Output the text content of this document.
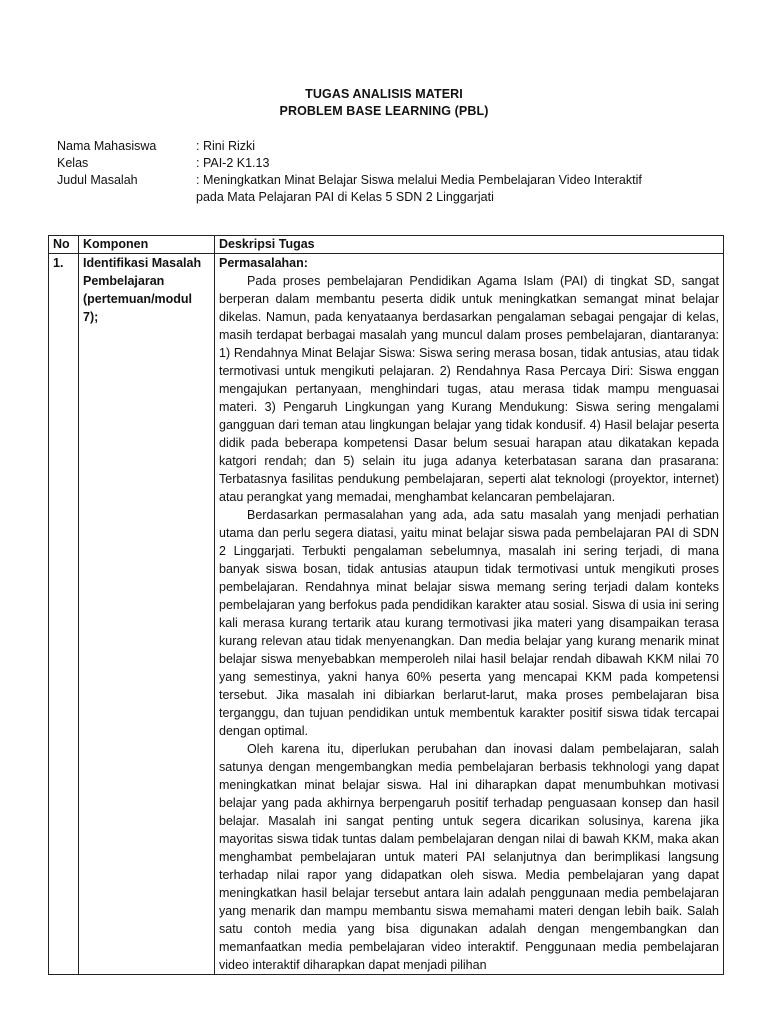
TUGAS ANALISIS MATERI
PROBLEM BASE LEARNING (PBL)
Nama Mahasiswa	: Rini Rizki
Kelas	: PAI-2 K1.13
Judul Masalah	: Meningkatkan Minat Belajar Siswa melalui Media Pembelajaran Video Interaktif
pada Mata Pelajaran PAI di Kelas 5 SDN 2 Linggarjati
No	Komponen	Deskripsi Tugas
1.	Identifikasi Masalah Pembelajaran (pertemuan/modul 7);	Permasalahan:

Pada proses pembelajaran Pendidikan Agama Islam (PAI) di tingkat SD, sangat berperan dalam membantu peserta didik untuk meningkatkan semangat minat belajar dikelas. Namun, pada kenyataanya berdasarkan pengalaman sebagai pengajar di kelas, masih terdapat berbagai masalah yang muncul dalam proses pembelajaran, diantaranya: 1) Rendahnya Minat Belajar Siswa: Siswa sering merasa bosan, tidak antusias, atau tidak termotivasi untuk mengikuti pelajaran. 2) Rendahnya Rasa Percaya Diri: Siswa enggan mengajukan pertanyaan, menghindari tugas, atau merasa tidak mampu menguasai materi. 3) Pengaruh Lingkungan yang Kurang Mendukung: Siswa sering mengalami gangguan dari teman atau lingkungan belajar yang tidak kondusif. 4) Hasil belajar peserta didik pada beberapa kompetensi Dasar belum sesuai harapan atau dikatakan kepada katgori rendah; dan 5) selain itu juga adanya keterbatasan sarana dan prasarana: Terbatasnya fasilitas pendukung pembelajaran, seperti alat teknologi (proyektor, internet) atau perangkat yang memadai, menghambat kelancaran pembelajaran.

Berdasarkan permasalahan yang ada, ada satu masalah yang menjadi perhatian utama dan perlu segera diatasi, yaitu minat belajar siswa pada pembelajaran PAI di SDN 2 Linggarjati. Terbukti pengalaman sebelumnya, masalah ini sering terjadi, di mana banyak siswa bosan, tidak antusias ataupun tidak termotivasi untuk mengikuti proses pembelajaran. Rendahnya minat belajar siswa memang sering terjadi dalam konteks pembelajaran yang berfokus pada pendidikan karakter atau sosial. Siswa di usia ini sering kali merasa kurang tertarik atau kurang termotivasi jika materi yang disampaikan terasa kurang relevan atau tidak menyenangkan. Dan media belajar yang kurang menarik minat belajar siswa menyebabkan memperoleh nilai hasil belajar rendah dibawah KKM nilai 70 yang semestinya, yakni hanya 60% peserta yang mencapai KKM pada kompetensi tersebut. Jika masalah ini dibiarkan berlarut-larut, maka proses pembelajaran bisa terganggu, dan tujuan pendidikan untuk membentuk karakter positif siswa tidak tercapai dengan optimal.

Oleh karena itu, diperlukan perubahan dan inovasi dalam pembelajaran, salah satunya dengan mengembangkan media pembelajaran berbasis tekhnologi yang dapat meningkatkan minat belajar siswa. Hal ini diharapkan dapat menumbuhkan motivasi belajar yang pada akhirnya berpengaruh positif terhadap penguasaan konsep dan hasil belajar. Masalah ini sangat penting untuk segera dicarikan solusinya, karena jika mayoritas siswa tidak tuntas dalam pembelajaran dengan nilai di bawah KKM, maka akan menghambat pembelajaran untuk materi PAI selanjutnya dan berimplikasi langsung terhadap nilai rapor yang didapatkan oleh siswa. Media pembelajaran yang dapat meningkatkan hasil belajar tersebut antara lain adalah penggunaan media pembelajaran yang menarik dan mampu membantu siswa memahami materi dengan lebih baik. Salah satu contoh media yang bisa digunakan adalah dengan mengembangkan dan memanfaatkan media pembelajaran video interaktif. Penggunaan media pembelajaran video interaktif diharapkan dapat menjadi pilihan
